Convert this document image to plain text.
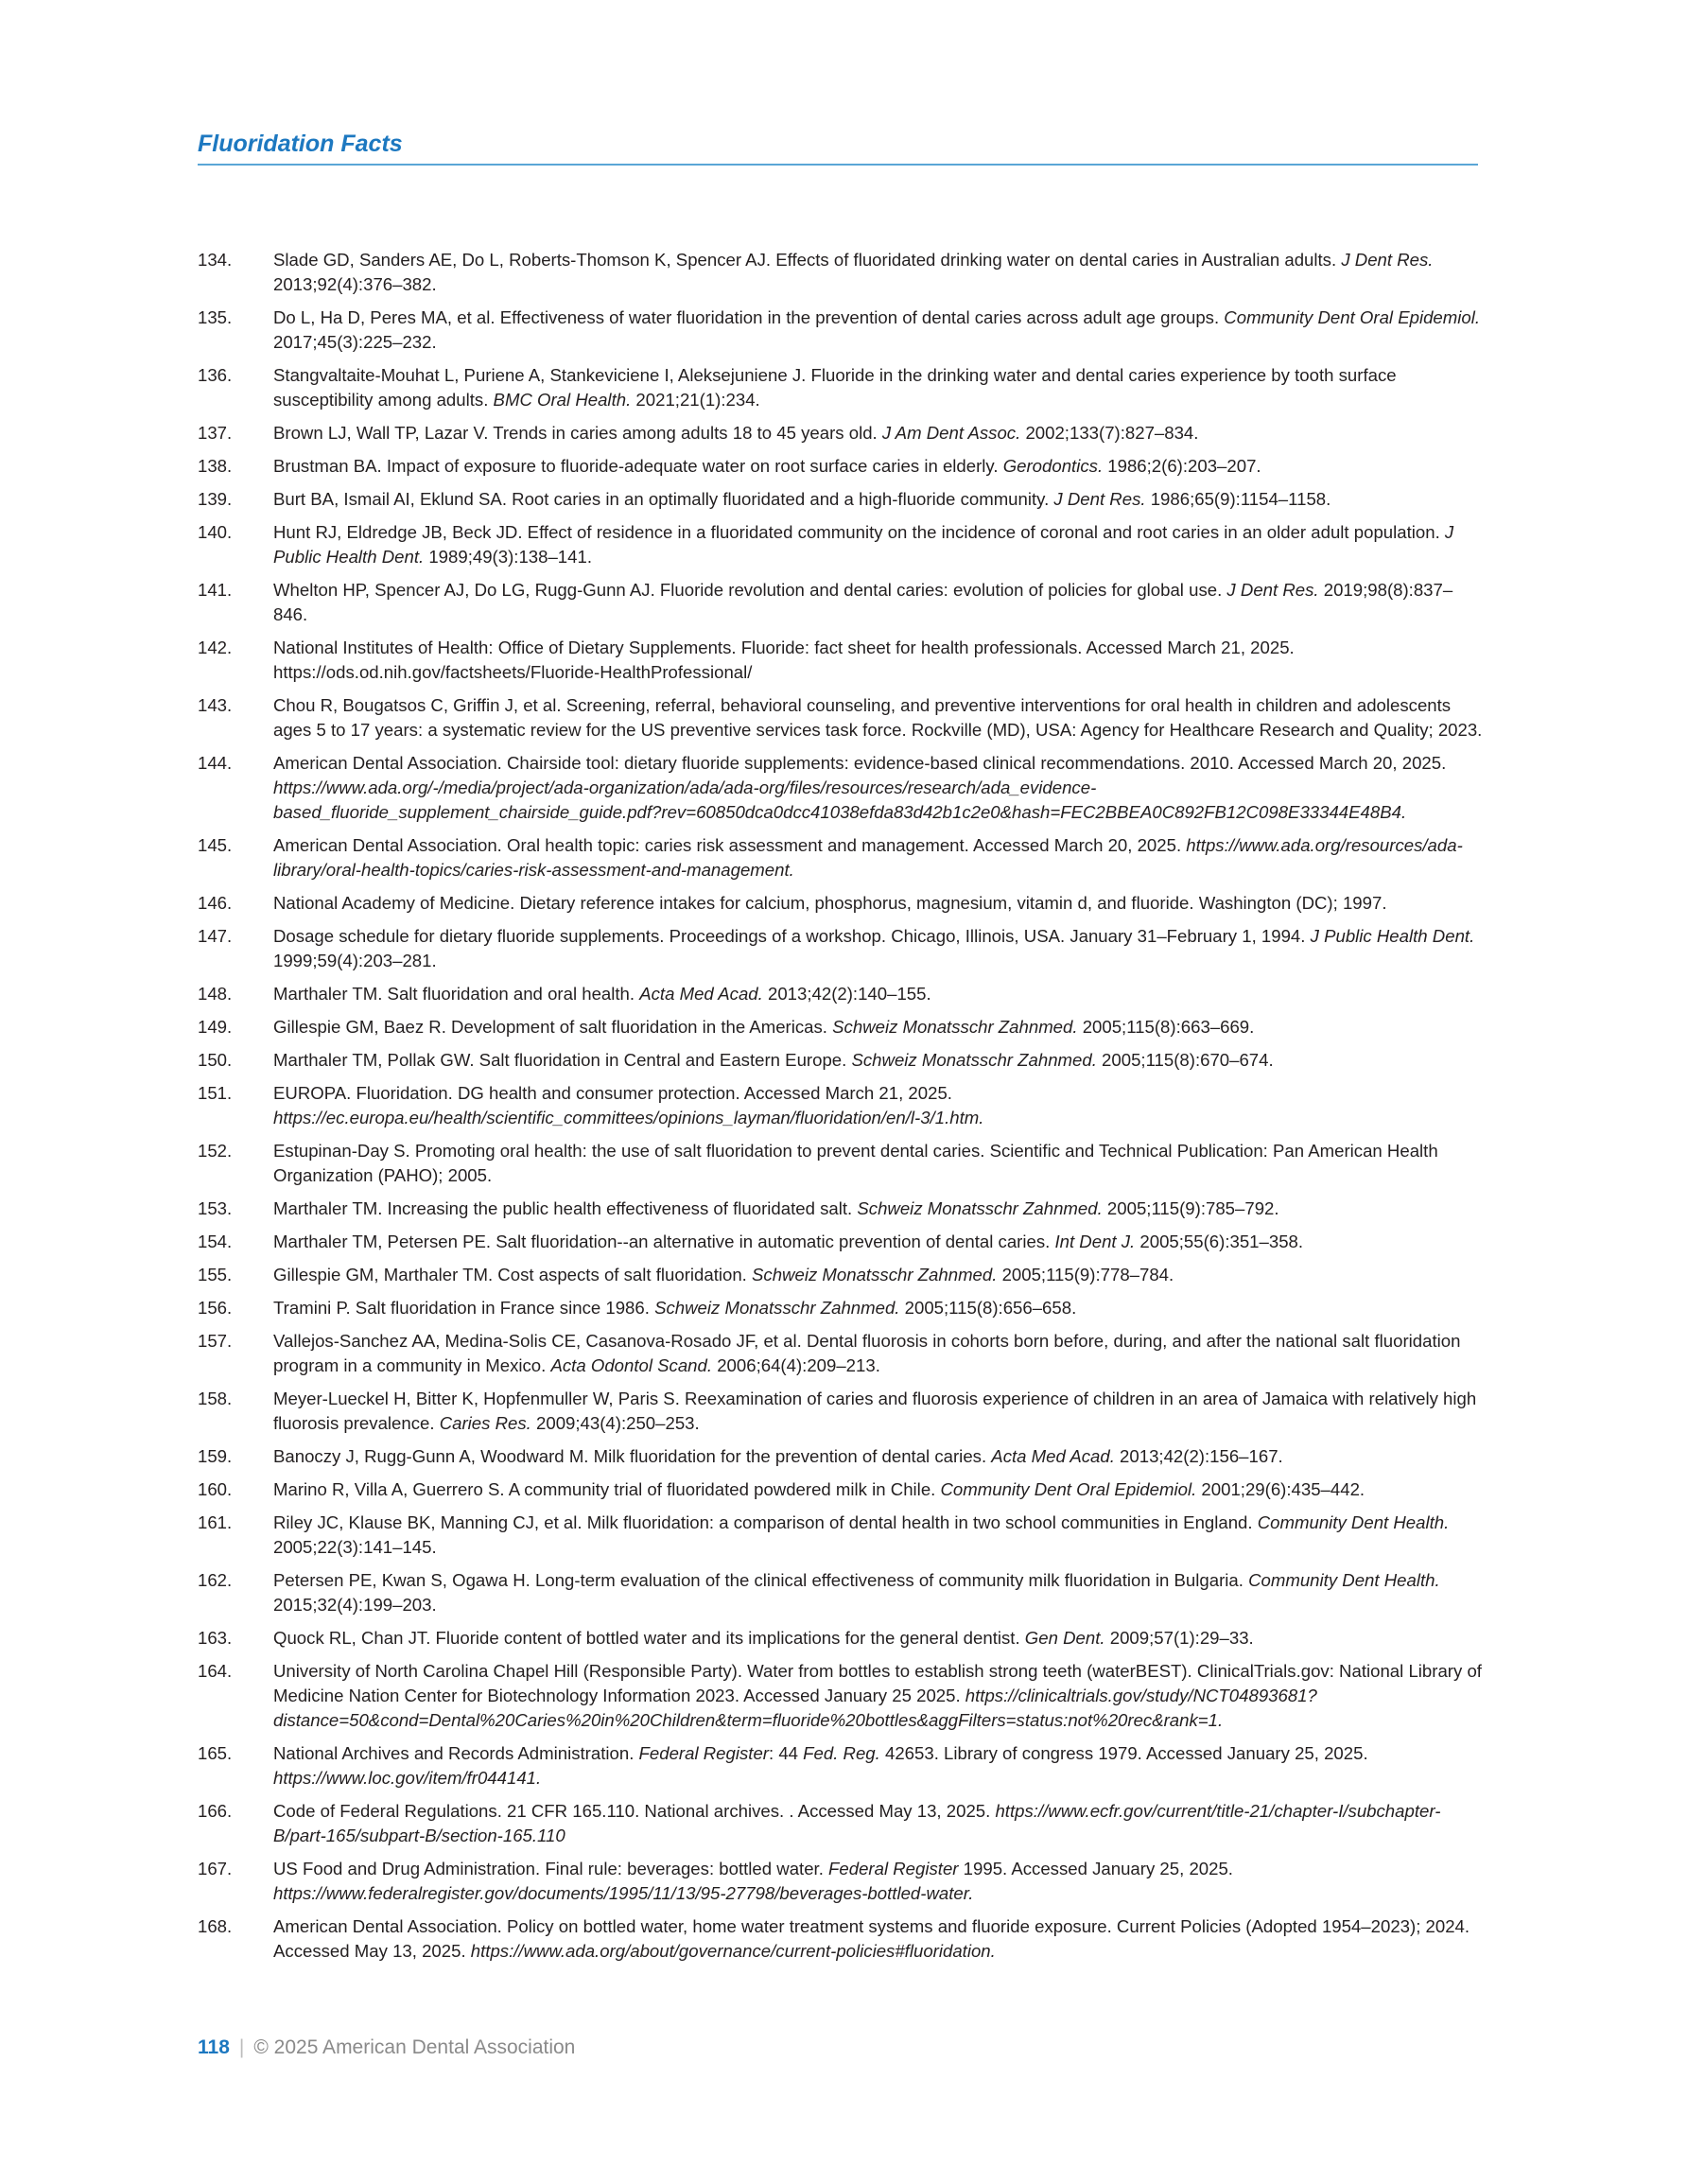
Fluoridation Facts
134.	Slade GD, Sanders AE, Do L, Roberts-Thomson K, Spencer AJ. Effects of fluoridated drinking water on dental caries in Australian adults. J Dent Res. 2013;92(4):376–382.
135.	Do L, Ha D, Peres MA, et al. Effectiveness of water fluoridation in the prevention of dental caries across adult age groups. Community Dent Oral Epidemiol. 2017;45(3):225–232.
136.	Stangvaltaite-Mouhat L, Puriene A, Stankeviciene I, Aleksejuniene J. Fluoride in the drinking water and dental caries experience by tooth surface susceptibility among adults. BMC Oral Health. 2021;21(1):234.
137.	Brown LJ, Wall TP, Lazar V. Trends in caries among adults 18 to 45 years old. J Am Dent Assoc. 2002;133(7):827–834.
138.	Brustman BA. Impact of exposure to fluoride-adequate water on root surface caries in elderly. Gerodontics. 1986;2(6):203–207.
139.	Burt BA, Ismail AI, Eklund SA. Root caries in an optimally fluoridated and a high-fluoride community. J Dent Res. 1986;65(9):1154–1158.
140.	Hunt RJ, Eldredge JB, Beck JD. Effect of residence in a fluoridated community on the incidence of coronal and root caries in an older adult population. J Public Health Dent. 1989;49(3):138–141.
141.	Whelton HP, Spencer AJ, Do LG, Rugg-Gunn AJ. Fluoride revolution and dental caries: evolution of policies for global use. J Dent Res. 2019;98(8):837–846.
142.	National Institutes of Health: Office of Dietary Supplements. Fluoride: fact sheet for health professionals. Accessed March 21, 2025. https://ods.od.nih.gov/factsheets/Fluoride-HealthProfessional/
143.	Chou R, Bougatsos C, Griffin J, et al. Screening, referral, behavioral counseling, and preventive interventions for oral health in children and adolescents ages 5 to 17 years: a systematic review for the US preventive services task force. Rockville (MD), USA: Agency for Healthcare Research and Quality; 2023.
144.	American Dental Association. Chairside tool: dietary fluoride supplements: evidence-based clinical recommendations. 2010. Accessed March 20, 2025. https://www.ada.org/-/media/project/ada-organization/ada/ada-org/files/resources/research/ada_evidence-based_fluoride_supplement_chairside_guide.pdf?rev=60850dca0dcc41038efda83d42b1c2e0&hash=FEC2BBEA0C892FB12C098E33344E48B4.
145.	American Dental Association. Oral health topic: caries risk assessment and management. Accessed March 20, 2025. https://www.ada.org/resources/ada-library/oral-health-topics/caries-risk-assessment-and-management.
146.	National Academy of Medicine. Dietary reference intakes for calcium, phosphorus, magnesium, vitamin d, and fluoride. Washington (DC); 1997.
147.	Dosage schedule for dietary fluoride supplements. Proceedings of a workshop. Chicago, Illinois, USA. January 31–February 1, 1994. J Public Health Dent. 1999;59(4):203–281.
148.	Marthaler TM. Salt fluoridation and oral health. Acta Med Acad. 2013;42(2):140–155.
149.	Gillespie GM, Baez R. Development of salt fluoridation in the Americas. Schweiz Monatsschr Zahnmed. 2005;115(8):663–669.
150.	Marthaler TM, Pollak GW. Salt fluoridation in Central and Eastern Europe. Schweiz Monatsschr Zahnmed. 2005;115(8):670–674.
151.	EUROPA. Fluoridation. DG health and consumer protection. Accessed March 21, 2025. https://ec.europa.eu/health/scientific_committees/opinions_layman/fluoridation/en/l-3/1.htm.
152.	Estupinan-Day S. Promoting oral health: the use of salt fluoridation to prevent dental caries. Scientific and Technical Publication: Pan American Health Organization (PAHO); 2005.
153.	Marthaler TM. Increasing the public health effectiveness of fluoridated salt. Schweiz Monatsschr Zahnmed. 2005;115(9):785–792.
154.	Marthaler TM, Petersen PE. Salt fluoridation--an alternative in automatic prevention of dental caries. Int Dent J. 2005;55(6):351–358.
155.	Gillespie GM, Marthaler TM. Cost aspects of salt fluoridation. Schweiz Monatsschr Zahnmed. 2005;115(9):778–784.
156.	Tramini P. Salt fluoridation in France since 1986. Schweiz Monatsschr Zahnmed. 2005;115(8):656–658.
157.	Vallejos-Sanchez AA, Medina-Solis CE, Casanova-Rosado JF, et al. Dental fluorosis in cohorts born before, during, and after the national salt fluoridation program in a community in Mexico. Acta Odontol Scand. 2006;64(4):209–213.
158.	Meyer-Lueckel H, Bitter K, Hopfenmuller W, Paris S. Reexamination of caries and fluorosis experience of children in an area of Jamaica with relatively high fluorosis prevalence. Caries Res. 2009;43(4):250–253.
159.	Banoczy J, Rugg-Gunn A, Woodward M. Milk fluoridation for the prevention of dental caries. Acta Med Acad. 2013;42(2):156–167.
160.	Marino R, Villa A, Guerrero S. A community trial of fluoridated powdered milk in Chile. Community Dent Oral Epidemiol. 2001;29(6):435–442.
161.	Riley JC, Klause BK, Manning CJ, et al. Milk fluoridation: a comparison of dental health in two school communities in England. Community Dent Health. 2005;22(3):141–145.
162.	Petersen PE, Kwan S, Ogawa H. Long-term evaluation of the clinical effectiveness of community milk fluoridation in Bulgaria. Community Dent Health. 2015;32(4):199–203.
163.	Quock RL, Chan JT. Fluoride content of bottled water and its implications for the general dentist. Gen Dent. 2009;57(1):29–33.
164.	University of North Carolina Chapel Hill (Responsible Party). Water from bottles to establish strong teeth (waterBEST). ClinicalTrials.gov: National Library of Medicine Nation Center for Biotechnology Information 2023. Accessed January 25 2025. https://clinicaltrials.gov/study/NCT04893681?distance=50&cond=Dental%20Caries%20in%20Children&term=fluoride%20bottles&aggFilters=status:not%20rec&rank=1.
165.	National Archives and Records Administration. Federal Register: 44 Fed. Reg. 42653. Library of congress 1979. Accessed January 25, 2025. https://www.loc.gov/item/fr044141.
166.	Code of Federal Regulations. 21 CFR 165.110. National archives. . Accessed May 13, 2025. https://www.ecfr.gov/current/title-21/chapter-I/subchapter-B/part-165/subpart-B/section-165.110
167.	US Food and Drug Administration. Final rule: beverages: bottled water. Federal Register 1995. Accessed January 25, 2025. https://www.federalregister.gov/documents/1995/11/13/95-27798/beverages-bottled-water.
168.	American Dental Association. Policy on bottled water, home water treatment systems and fluoride exposure. Current Policies (Adopted 1954–2023); 2024. Accessed May 13, 2025. https://www.ada.org/about/governance/current-policies#fluoridation.
118 | © 2025 American Dental Association
